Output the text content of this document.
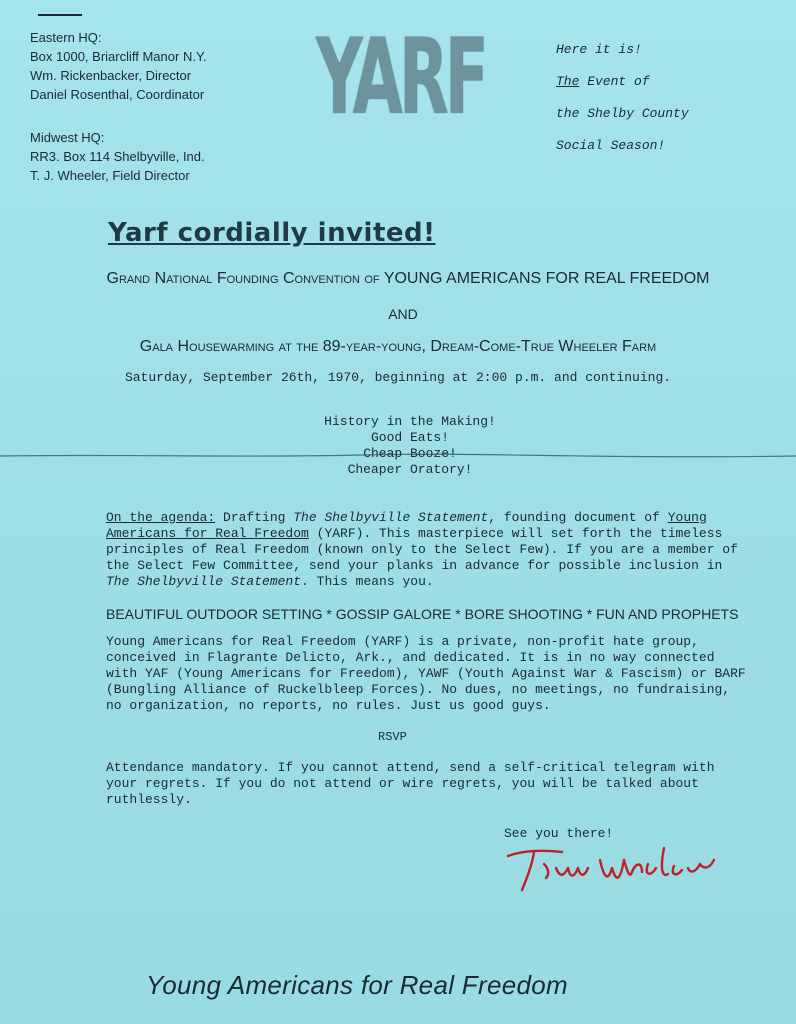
Eastern HQ:
Box 1000, Briarcliff Manor N.Y.
Wm. Rickenbacker, Director
Daniel Rosenthal, Coordinator
Midwest HQ:
RR3. Box 114 Shelbyville, Ind.
T. J. Wheeler, Field Director
YARF	Here it is!
The Event of
the Shelby County
Social Season!
Yarf cordially invited!
Grand National Founding Convention of YOUNG AMERICANS FOR REAL FREEDOM
AND
Gala Housewarming at the 89-year-young, Dream-Come-True Wheeler Farm
Saturday, September 26th, 1970, beginning at 2:00 p.m. and continuing.
History in the Making!
Good Eats!
Cheap Booze!
Cheaper Oratory!
On the agenda: Drafting The Shelbyville Statement, founding document of Young Americans for Real Freedom (YARF). This masterpiece will set forth the timeless principles of Real Freedom (known only to the Select Few). If you are a member of the Select Few Committee, send your planks in advance for possible inclusion in The Shelbyville Statement. This means you.
BEAUTIFUL OUTDOOR SETTING * GOSSIP GALORE * BORE SHOOTING * FUN AND PROPHETS
Young Americans for Real Freedom (YARF) is a private, non-profit hate group, conceived in Flagrante Delicto, Ark., and dedicated. It is in no way connected with YAF (Young Americans for Freedom), YAWF (Youth Against War & Fascism) or BARF (Bungling Alliance of Ruckelbleep Forces). No dues, no meetings, no fundraising, no organization, no reports, no rules. Just us good guys.
RSVP
Attendance mandatory. If you cannot attend, send a self-critical telegram with your regrets. If you do not attend or wire regrets, you will be talked about ruthlessly.
See you there!
Young Americans for Real Freedom
